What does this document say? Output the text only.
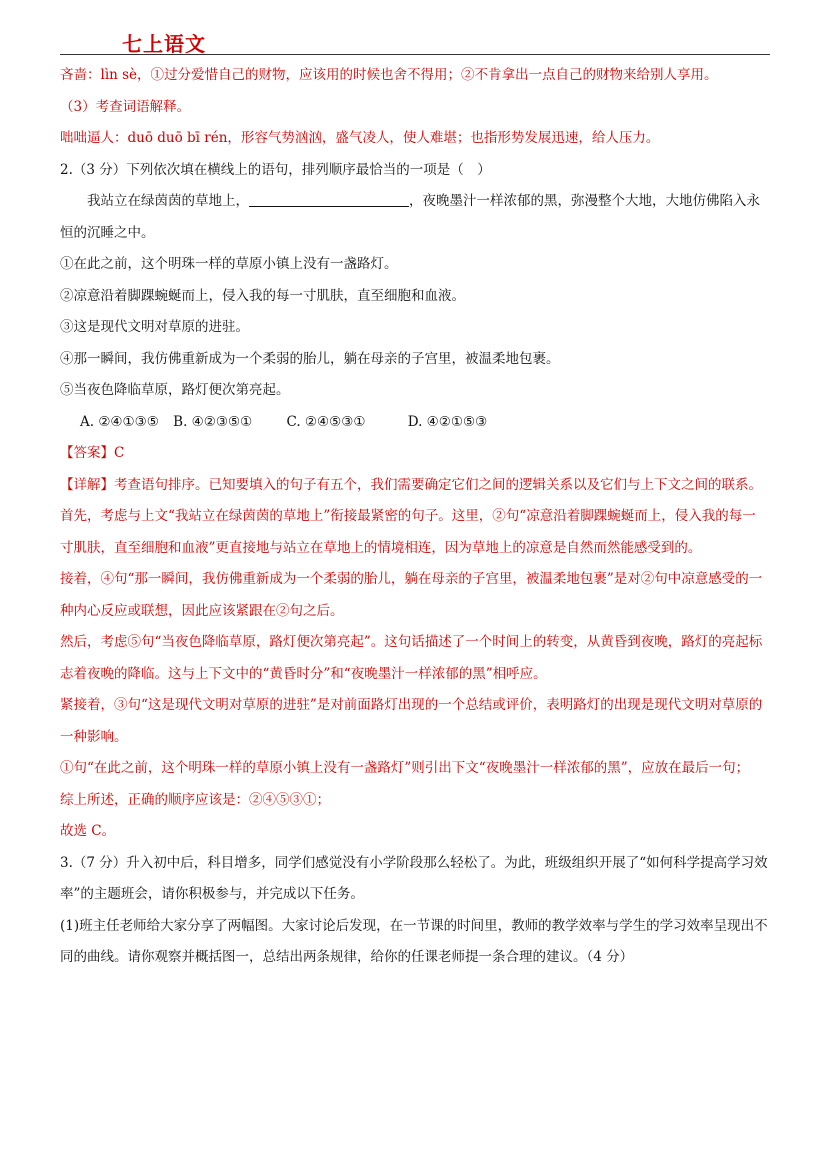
七上语文

吝啬：lìn sè，①过分爱惜自己的财物，应该用的时候也舍不得用；②不肯拿出一点自己的财物来给别人享用。

（3）考查词语解释。

咄咄逼人：duō duō bī rén，形容气势汹汹，盛气凌人，使人难堪；也指形势发展迅速，给人压力。

2.（3 分）下列依次填在横线上的语句，排列顺序最恰当的一项是（　）

我站立在绿茵茵的草地上，	，夜晚墨汁一样浓郁的黑，弥漫整个大地，大地仿佛陷入永恒的沉睡之中。

①在此之前，这个明珠一样的草原小镇上没有一盏路灯。

②凉意沿着脚踝蜿蜒而上，侵入我的每一寸肌肤，直至细胞和血液。

③这是现代文明对草原的进驻。

④那一瞬间，我仿佛重新成为一个柔弱的胎儿，躺在母亲的子宫里，被温柔地包裹。

⑤当夜色降临草原，路灯便次第亮起。

A. ②④①③⑤ B. ④②③⑤①	C. ②④⑤③①	D. ④②①⑤③

【答案】C

【详解】考查语句排序。已知要填入的句子有五个，我们需要确定它们之间的逻辑关系以及它们与上下文之间的联系。

首先，考虑与上文“我站立在绿茵茵的草地上”衔接最紧密的句子。这里，②句“凉意沿着脚踝蜿蜒而上，侵入我的每一寸肌肤，直至细胞和血液”更直接地与站立在草地上的情境相连，因为草地上的凉意是自然而然能感受到的。

接着，④句“那一瞬间，我仿佛重新成为一个柔弱的胎儿，躺在母亲的子宫里，被温柔地包裹”是对②句中凉意感受的一种内心反应或联想，因此应该紧跟在②句之后。

然后，考虑⑤句“当夜色降临草原，路灯便次第亮起”。这句话描述了一个时间上的转变，从黄昏到夜晚，路灯的亮起标志着夜晚的降临。这与上下文中的“黄昏时分”和“夜晚墨汁一样浓郁的黑”相呼应。

紧接着，③句“这是现代文明对草原的进驻”是对前面路灯出现的一个总结或评价，表明路灯的出现是现代文明对草原的一种影响。

①句“在此之前，这个明珠一样的草原小镇上没有一盏路灯”则引出下文“夜晚墨汁一样浓郁的黑”，应放在最后一句；

综上所述，正确的顺序应该是：②④⑤③①；

故选 C。

3.（7 分）升入初中后，科目增多，同学们感觉没有小学阶段那么轻松了。为此，班级组织开展了“如何科学提高学习效率”的主题班会，请你积极参与，并完成以下任务。

(1)班主任老师给大家分享了两幅图。大家讨论后发现，在一节课的时间里，教师的教学效率与学生的学习效率呈现出不同的曲线。请你观察并概括图一，总结出两条规律，给你的任课老师提一条合理的建议。（4 分）
